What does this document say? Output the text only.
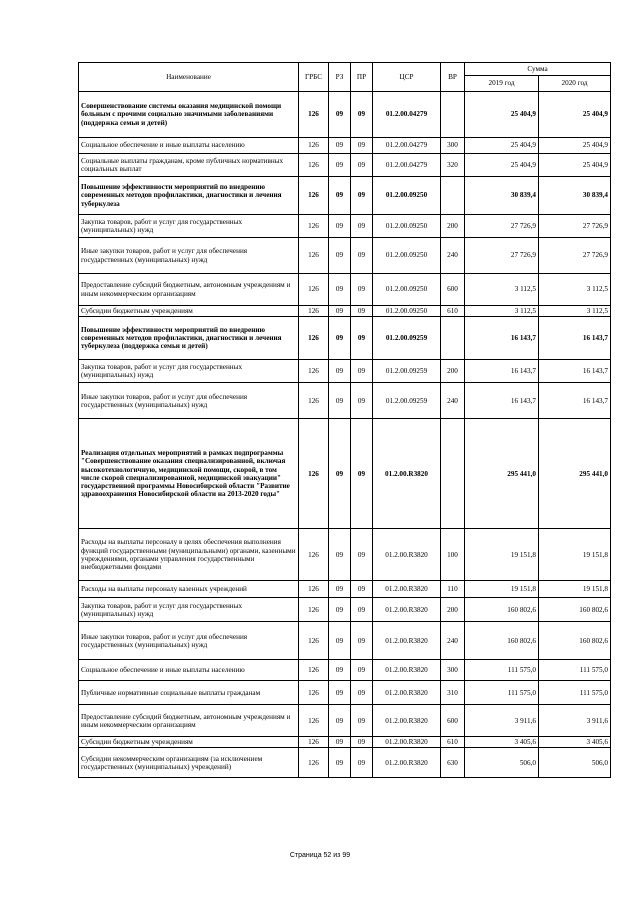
Наименование	ГРБС	РЗ	ПР	ЦСР	ВР	Сумма	
						2019 год	2020 год
Совершенствование системы оказания медицинской помощи больным с прочими социально значимыми заболеваниями (поддержка семьи и детей)	126	09	09	01.2.00.04279		25 404,9	25 404,9
Социальное обеспечение и иные выплаты населению	126	09	09	01.2.00.04279	300	25 404,9	25 404,9
Социальные выплаты гражданам, кроме публичных нормативных социальных выплат	126	09	09	01.2.00.04279	320	25 404,9	25 404,9
Повышение эффективности мероприятий по внедрению современных методов профилактики, диагностики и лечения туберкулеза	126	09	09	01.2.00.09250		30 839,4	30 839,4
Закупка товаров, работ и услуг для государственных (муниципальных) нужд	126	09	09	01.2.00.09250	200	27 726,9	27 726,9
Иные закупки товаров, работ и услуг для обеспечения государственных (муниципальных) нужд	126	09	09	01.2.00.09250	240	27 726,9	27 726,9
Предоставление субсидий бюджетным, автономным учреждениям и иным некоммерческим организациям	126	09	09	01.2.00.09250	600	3 112,5	3 112,5
Субсидии бюджетным учреждениям	126	09	09	01.2.00.09250	610	3 112,5	3 112,5
Повышение эффективности мероприятий по внедрению современных методов профилактики, диагностики и лечения туберкулеза (поддержка семьи и детей)	126	09	09	01.2.00.09259		16 143,7	16 143,7
Закупка товаров, работ и услуг для государственных (муниципальных) нужд	126	09	09	01.2.00.09259	200	16 143,7	16 143,7
Иные закупки товаров, работ и услуг для обеспечения государственных (муниципальных) нужд	126	09	09	01.2.00.09259	240	16 143,7	16 143,7
Реализация отдельных мероприятий в рамках подпрограммы "Совершенствование оказания специализированной, включая высокотехнологичную, медицинской помощи, скорой, в том числе скорой специализированной, медицинской эвакуации" государственной программы Новосибирской области "Развитие здравоохранения Новосибирской области на 2013-2020 годы"	126	09	09	01.2.00.R3820		295 441,0	295 441,0
Расходы на выплаты персоналу в целях обеспечения выполнения функций государственными (муниципальными) органами, казенными учреждениями, органами управления государственными внебюджетными фондами	126	09	09	01.2.00.R3820	100	19 151,8	19 151,8
Расходы на выплаты персоналу казенных учреждений	126	09	09	01.2.00.R3820	110	19 151,8	19 151,8
Закупка товаров, работ и услуг для государственных (муниципальных) нужд	126	09	09	01.2.00.R3820	200	160 802,6	160 802,6
Иные закупки товаров, работ и услуг для обеспечения государственных (муниципальных) нужд	126	09	09	01.2.00.R3820	240	160 802,6	160 802,6
Социальное обеспечение и иные выплаты населению	126	09	09	01.2.00.R3820	300	111 575,0	111 575,0
Публичные нормативные социальные выплаты гражданам	126	09	09	01.2.00.R3820	310	111 575,0	111 575,0
Предоставление субсидий бюджетным, автономным учреждениям и иным некоммерческим организациям	126	09	09	01.2.00.R3820	600	3 911,6	3 911,6
Субсидии бюджетным учреждениям	126	09	09	01.2.00.R3820	610	3 405,6	3 405,6
Субсидии некоммерческим организациям (за исключением государственных (муниципальных) учреждений)	126	09	09	01.2.00.R3820	630	506,0	506,0
Страница 52 из 99
